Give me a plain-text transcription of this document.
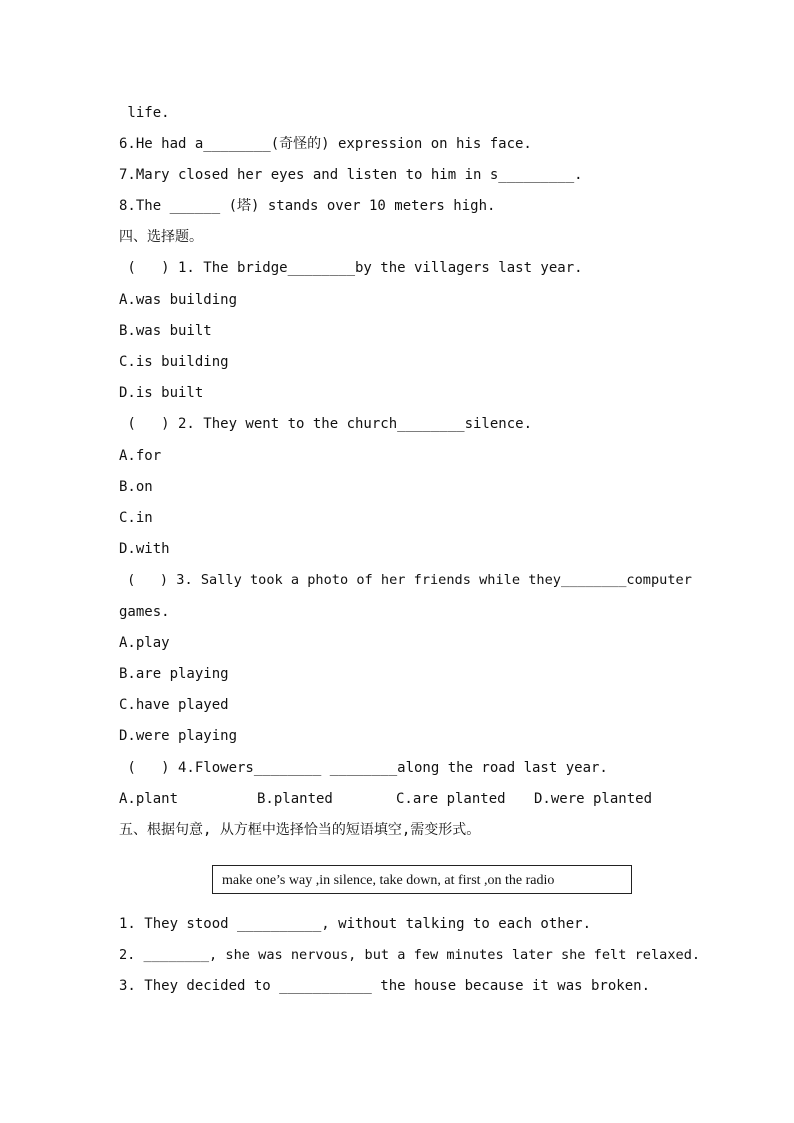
life.
6.He had a________(奇怪的) expression on his face.
7.Mary closed her eyes and listen to him in s_________.
8.The ______ (塔) stands over 10 meters high.
四、选择题。
(   ) 1. The bridge________by the villagers last year.
A.was building
B.was built
C.is building
D.is built
(   ) 2. They went to the church________silence.
A.for
B.on
C.in
D.with
(   ) 3. Sally took a photo of her friends while they________computer
games.
A.play
B.are playing
C.have played
D.were playing
(   ) 4.Flowers________ ________along the road last year.

A.plant

	B.planted

	C.are planted

D.were planted

五、根据句意, 从方框中选择恰当的短语填空,需变形式。
make one’s way ,in silence, take down, at first ,on the radio
1. They stood __________, without talking to each other.
2. ________, she was nervous, but a few minutes later she felt relaxed.
3. They decided to ___________ the house because it was broken.
